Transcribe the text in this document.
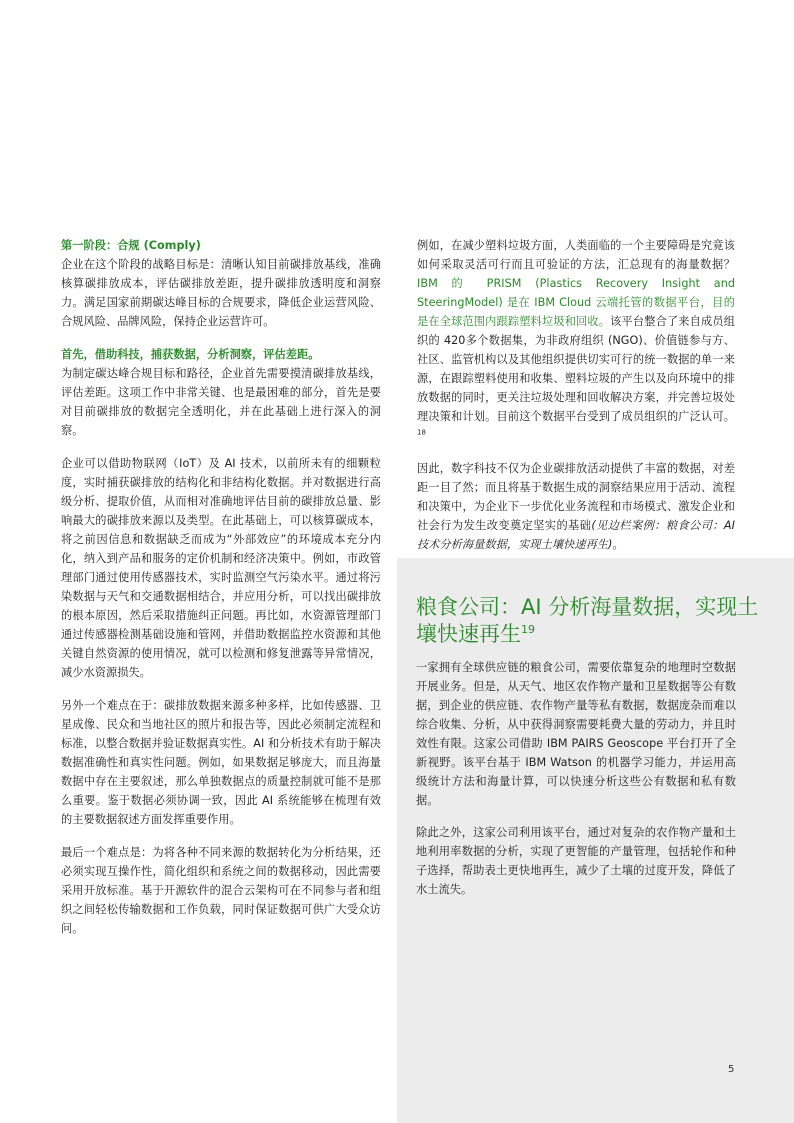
第一阶段：合规 (Comply)
企业在这个阶段的战略目标是：清晰认知目前碳排放基线，准确核算碳排放成本，评估碳排放差距，提升碳排放透明度和洞察力。满足国家前期碳达峰目标的合规要求，降低企业运营风险、合规风险、品牌风险，保持企业运营许可。

首先，借助科技，捕获数据，分析洞察，评估差距。
为制定碳达峰合规目标和路径，企业首先需要摸清碳排放基线，评估差距。这项工作中非常关键、也是最困难的部分，首先是要对目前碳排放的数据完全透明化，并在此基础上进行深入的洞察。

企业可以借助物联网（IoT）及 AI 技术，以前所未有的细颗粒度，实时捕获碳排放的结构化和非结构化数据。并对数据进行高级分析、提取价值，从而相对准确地评估目前的碳排放总量、影响最大的碳排放来源以及类型。在此基础上，可以核算碳成本，将之前因信息和数据缺乏而成为“外部效应”的环境成本充分内化，纳入到产品和服务的定价机制和经济决策中。例如，市政管理部门通过使用传感器技术，实时监测空气污染水平。通过将污染数据与天气和交通数据相结合，并应用分析，可以找出碳排放的根本原因，然后采取措施纠正问题。再比如，水资源管理部门通过传感器检测基础设施和管网，并借助数据监控水资源和其他关键自然资源的使用情况，就可以检测和修复泄露等异常情况，减少水资源损失。

另外一个难点在于：碳排放数据来源多种多样，比如传感器、卫星成像、民众和当地社区的照片和报告等，因此必须制定流程和标准，以整合数据并验证数据真实性。AI 和分析技术有助于解决数据准确性和真实性问题。例如，如果数据足够庞大，而且海量数据中存在主要叙述，那么单独数据点的质量控制就可能不是那么重要。鉴于数据必须协调一致，因此 AI 系统能够在梳理有效的主要数据叙述方面发挥重要作用。

最后一个难点是：为将各种不同来源的数据转化为分析结果，还必须实现互操作性，简化组织和系统之间的数据移动，因此需要采用开放标准。基于开源软件的混合云架构可在不同参与者和组织之间轻松传输数据和工作负载，同时保证数据可供广大受众访问。

例如，在减少塑料垃圾方面，人类面临的一个主要障碍是究竟该如何采取灵活可行而且可验证的方法，汇总现有的海量数据？IBM 的 PRISM (Plastics Recovery Insight and SteeringModel) 是在 IBM Cloud 云端托管的数据平台，目的是在全球范围内跟踪塑料垃圾和回收。该平台整合了来自成员组织的 420多个数据集，为非政府组织 (NGO)、价值链参与方、社区、监管机构以及其他组织提供切实可行的统一数据的单一来源，在跟踪塑料使用和收集、塑料垃圾的产生以及向环境中的排放数据的同时，更关注垃圾处理和回收解决方案，并完善垃圾处理决策和计划。目前这个数据平台受到了成员组织的广泛认可。$^{18}$

因此，数字科技不仅为企业碳排放活动提供了丰富的数据，对差距一目了然；而且将基于数据生成的洞察结果应用于活动、流程和决策中，为企业下一步优化业务流程和市场模式、激发企业和社会行为发生改变奠定坚实的基础(见边栏案例：粮食公司：AI 技术分析海量数据，实现土壤快速再生)。

粮食公司：AI 分析海量数据，实现土壤快速再生$^{19}$

一家拥有全球供应链的粮食公司，需要依靠复杂的地理时空数据开展业务。但是，从天气、地区农作物产量和卫星数据等公有数据，到企业的供应链、农作物产量等私有数据，数据庞杂而难以综合收集、分析，从中获得洞察需要耗费大量的劳动力，并且时效性有限。这家公司借助 IBM PAIRS Geoscope 平台打开了全新视野。该平台基于 IBM Watson 的机器学习能力，并运用高级统计方法和海量计算，可以快速分析这些公有数据和私有数据。

除此之外，这家公司利用该平台，通过对复杂的农作物产量和土地利用率数据的分析，实现了更智能的产量管理，包括轮作和种子选择，帮助表土更快地再生，减少了土壤的过度开发，降低了水土流失。

5
